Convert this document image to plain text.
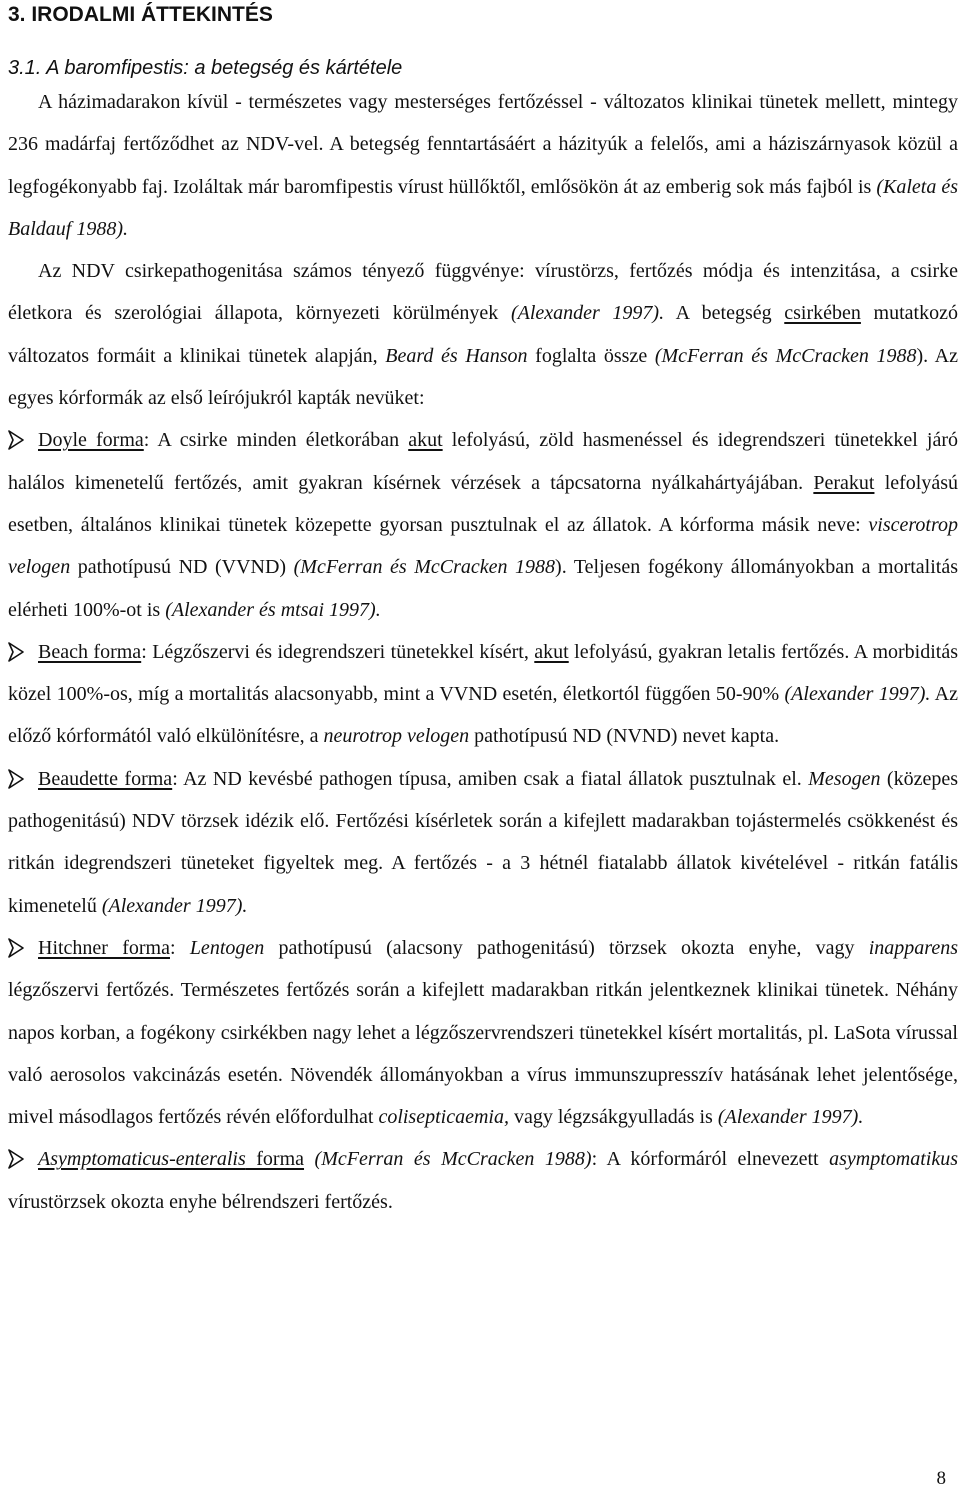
3. IRODALMI ÁTTEKINTÉS
3.1. A baromfipestis: a betegség és kártétele

A házimadarakon kívül - természetes vagy mesterséges fertőzéssel - változatos klinikai tünetek mellett, mintegy 236 madárfaj fertőződhet az NDV-vel. A betegség fenntartásáért a házityúk a felelős, ami a háziszárnyasok közül a legfogékonyabb faj. Izoláltak már baromfipestis vírust hüllőktől, emlősökön át az emberig sok más fajból is (Kaleta és Baldauf 1988).

Az NDV csirkepathogenitása számos tényező függvénye: vírustörzs, fertőzés módja és intenzitása, a csirke életkora és szerológiai állapota, környezeti körülmények (Alexander 1997). A betegség csirkében mutatkozó változatos formáit a klinikai tünetek alapján, Beard és Hanson foglalta össze (McFerran és McCracken 1988). Az egyes kórformák az első leírójukról kapták nevüket:

Doyle forma: A csirke minden életkorában akut lefolyású, zöld hasmenéssel és idegrendszeri tünetekkel járó halálos kimenetelű fertőzés, amit gyakran kísérnek vérzések a tápcsatorna nyálkahártyájában. Perakut lefolyású esetben, általános klinikai tünetek közepette gyorsan pusztulnak el az állatok. A kórforma másik neve: viscerotrop velogen pathotípusú ND (VVND) (McFerran és McCracken 1988). Teljesen fogékony állományokban a mortalitás elérheti 100%-ot is (Alexander és mtsai 1997).

Beach forma: Légzőszervi és idegrendszeri tünetekkel kísért, akut lefolyású, gyakran letalis fertőzés. A morbiditás közel 100%-os, míg a mortalitás alacsonyabb, mint a VVND esetén, életkortól függően 50-90% (Alexander 1997). Az előző kórformától való elkülönítésre, a neurotrop velogen pathotípusú ND (NVND) nevet kapta.

Beaudette forma: Az ND kevésbé pathogen típusa, amiben csak a fiatal állatok pusztulnak el. Mesogen (közepes pathogenitású) NDV törzsek idézik elő. Fertőzési kísérletek során a kifejlett madarakban tojástermelés csökkenést és ritkán idegrendszeri tüneteket figyeltek meg. A fertőzés - a 3 hétnél fiatalabb állatok kivételével - ritkán fatális kimenetelű (Alexander 1997).

Hitchner forma: Lentogen pathotípusú (alacsony pathogenitású) törzsek okozta enyhe, vagy inapparens légzőszervi fertőzés. Természetes fertőzés során a kifejlett madarakban ritkán jelentkeznek klinikai tünetek. Néhány napos korban, a fogékony csirkékben nagy lehet a légzőszervrendszeri tünetekkel kísért mortalitás, pl. LaSota vírussal való aerosolos vakcinázás esetén. Növendék állományokban a vírus immunszupresszív hatásának lehet jelentősége, mivel másodlagos fertőzés révén előfordulhat colisepticaemia, vagy légzsákgyulladás is (Alexander 1997).

Asymptomaticus-enteralis forma (McFerran és McCracken 1988): A kórformáról elnevezett asymptomatikus vírustörzsek okozta enyhe bélrendszeri fertőzés.

8
